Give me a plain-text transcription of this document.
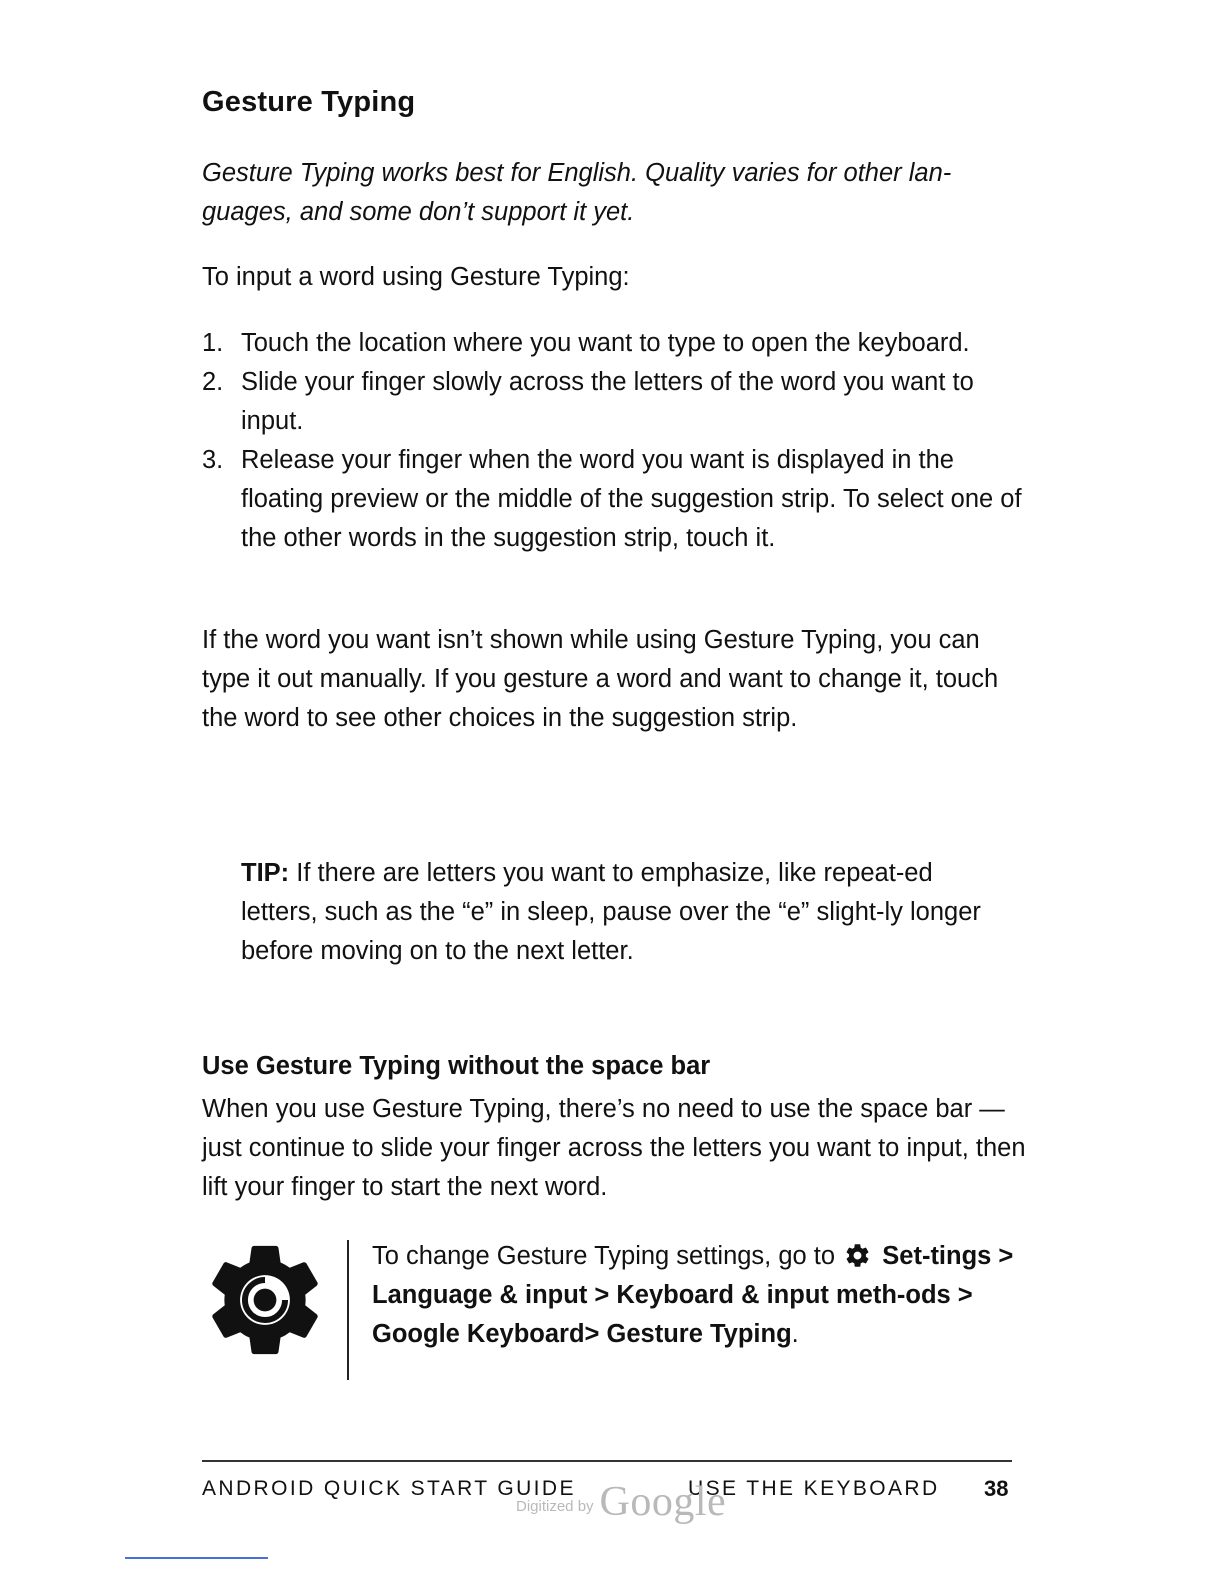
Gesture Typing
Gesture Typing works best for English. Quality varies for other lan-guages, and some don’t support it yet.
To input a word using Gesture Typing:
1. Touch the location where you want to type to open the keyboard.
2. Slide your finger slowly across the letters of the word you want to input.
3. Release your finger when the word you want is displayed in the floating preview or the middle of the suggestion strip. To select one of the other words in the suggestion strip, touch it.
If the word you want isn’t shown while using Gesture Typing, you can type it out manually. If you gesture a word and want to change it, touch the word to see other choices in the suggestion strip.
TIP: If there are letters you want to emphasize, like repeat-ed letters, such as the “e” in sleep, pause over the “e” slight-ly longer before moving on to the next letter.
Use Gesture Typing without the space bar
When you use Gesture Typing, there’s no need to use the space bar — just continue to slide your finger across the letters you want to input, then lift your finger to start the next word.
To change Gesture Typing settings, go to Set-tings > Language & input > Keyboard & input meth-ods > Google Keyboard> Gesture Typing.
ANDROID QUICK START GUIDE	USE THE KEYBOARD 38
Digitized by Google
